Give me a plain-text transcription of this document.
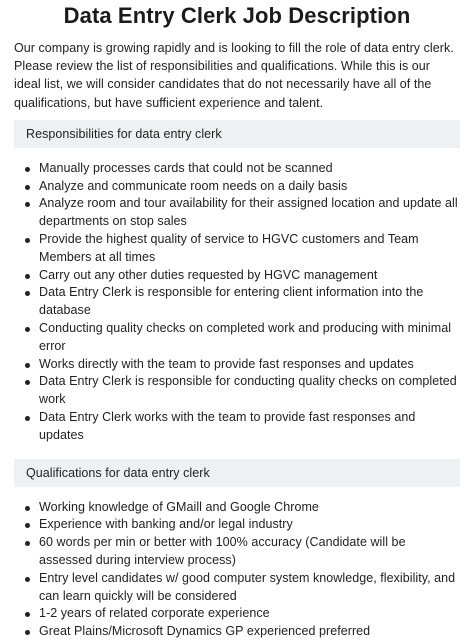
Data Entry Clerk Job Description

Our company is growing rapidly and is looking to fill the role of data entry clerk. Please review the list of responsibilities and qualifications. While this is our ideal list, we will consider candidates that do not necessarily have all of the qualifications, but have sufficient experience and talent.

Responsibilities for data entry clerk
Manually processes cards that could not be scanned
Analyze and communicate room needs on a daily basis
Analyze room and tour availability for their assigned location and update all departments on stop sales
Provide the highest quality of service to HGVC customers and Team Members at all times
Carry out any other duties requested by HGVC management
Data Entry Clerk is responsible for entering client information into the database
Conducting quality checks on completed work and producing with minimal error
Works directly with the team to provide fast responses and updates
Data Entry Clerk is responsible for conducting quality checks on completed work
Data Entry Clerk works with the team to provide fast responses and updates
Qualifications for data entry clerk
Working knowledge of GMaill and Google Chrome
Experience with banking and/or legal industry
60 words per min or better with 100% accuracy (Candidate will be assessed during interview process)
Entry level candidates w/ good computer system knowledge, flexibility, and can learn quickly will be considered
1-2 years of related corporate experience
Great Plains/Microsoft Dynamics GP experienced preferred
